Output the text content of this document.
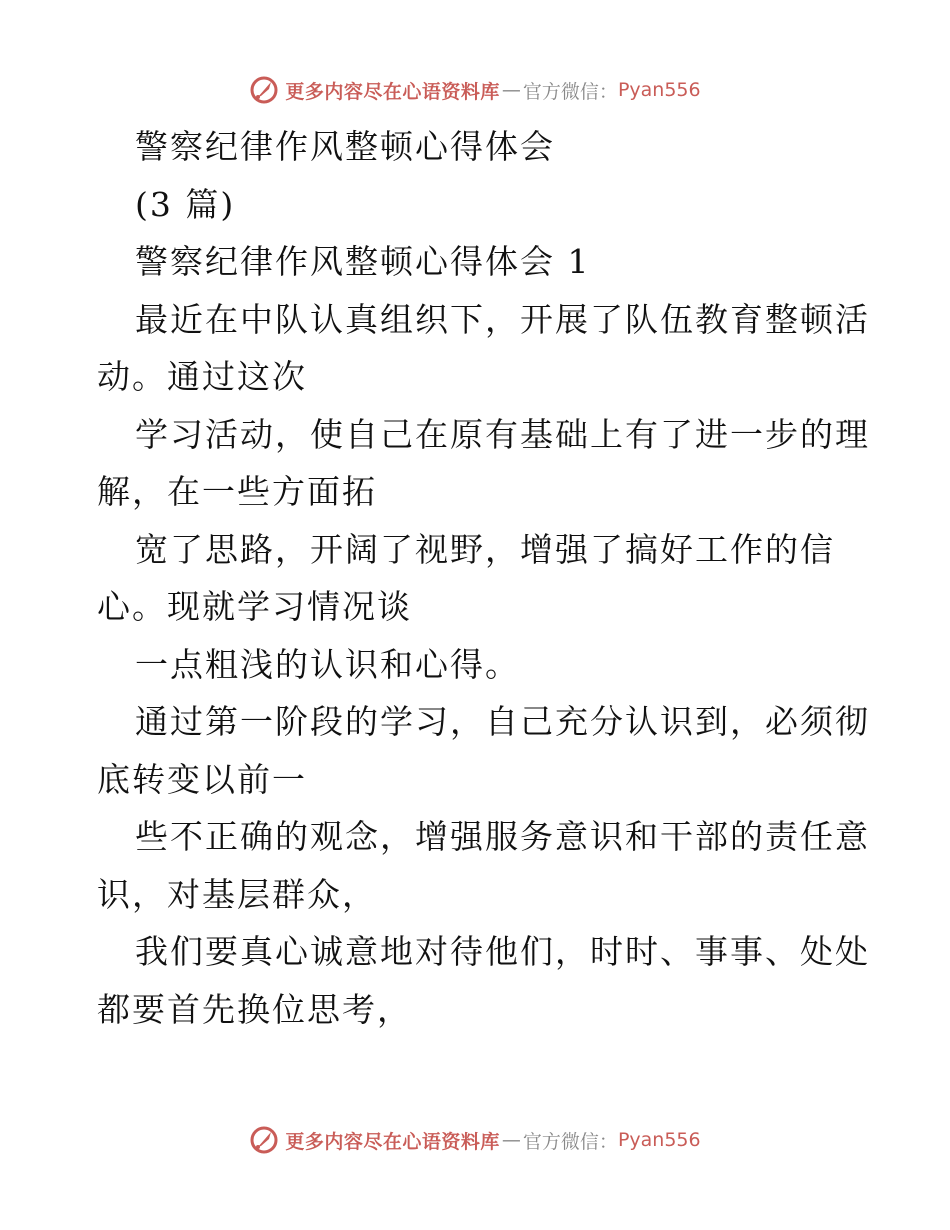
更多内容尽在心语资料库 — 官方微信： Pyan556
警察纪律作风整顿心得体会
(3 篇)
警察纪律作风整顿心得体会 1
最近在中队认真组织下，开展了队伍教育整顿活
动。通过这次
学习活动，使自己在原有基础上有了进一步的理
解，在一些方面拓
宽了思路，开阔了视野，增强了搞好工作的信
心。现就学习情况谈
一点粗浅的认识和心得。
通过第一阶段的学习，自己充分认识到，必须彻
底转变以前一
些不正确的观念，增强服务意识和干部的责任意
识，对基层群众，
我们要真心诚意地对待他们，时时、事事、处处
都要首先换位思考，
更多内容尽在心语资料库 — 官方微信： Pyan556
